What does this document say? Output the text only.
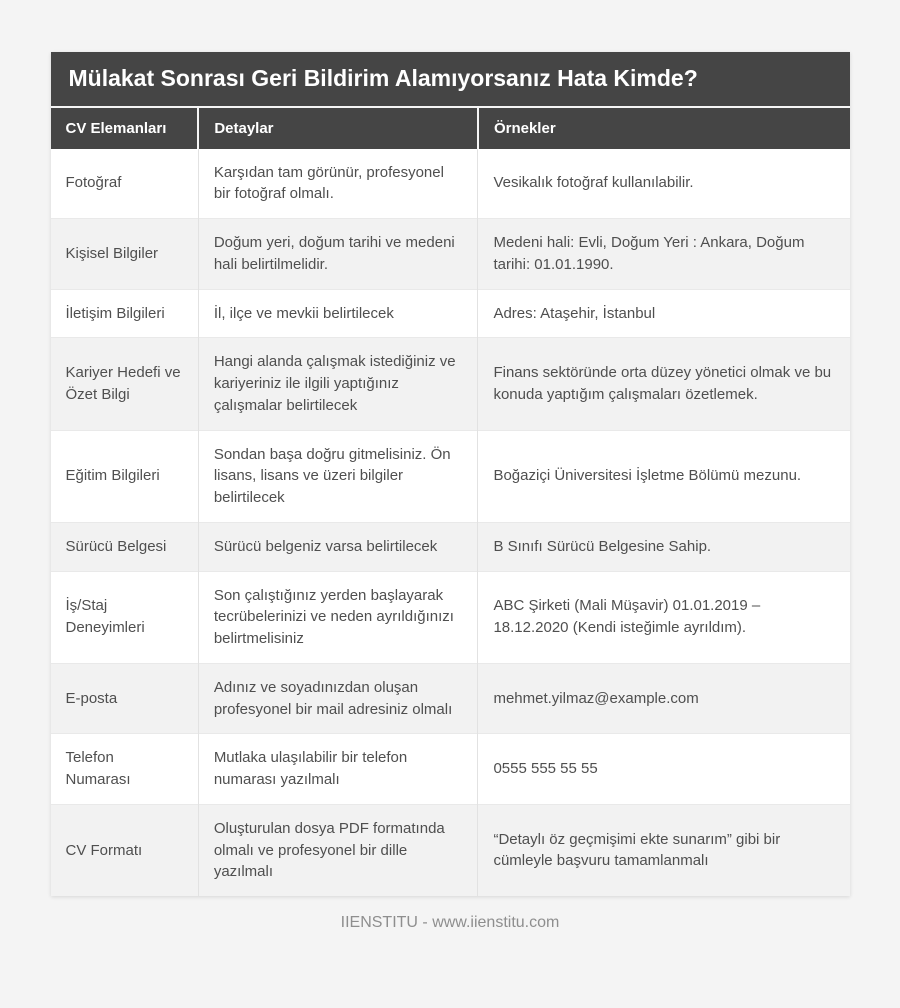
Mülakat Sonrası Geri Bildirim Alamıyorsanız Hata Kimde?
CV Elemanları	Detaylar	Örnekler
Fotoğraf	Karşıdan tam görünür, profesyonel bir fotoğraf olmalı.	Vesikalık fotoğraf kullanılabilir.
Kişisel Bilgiler	Doğum yeri, doğum tarihi ve medeni hali belirtilmelidir.	Medeni hali: Evli, Doğum Yeri : Ankara, Doğum tarihi: 01.01.1990.
İletişim Bilgileri	İl, ilçe ve mevkii belirtilecek	Adres: Ataşehir, İstanbul
Kariyer Hedefi ve Özet Bilgi	Hangi alanda çalışmak istediğiniz ve kariyeriniz ile ilgili yaptığınız çalışmalar belirtilecek	Finans sektöründe orta düzey yönetici olmak ve bu konuda yaptığım çalışmaları özetlemek.
Eğitim Bilgileri	Sondan başa doğru gitmelisiniz. Ön lisans, lisans ve üzeri bilgiler belirtilecek	Boğaziçi Üniversitesi İşletme Bölümü mezunu.
Sürücü Belgesi	Sürücü belgeniz varsa belirtilecek	B Sınıfı Sürücü Belgesine Sahip.
İş/Staj Deneyimleri	Son çalıştığınız yerden başlayarak tecrübelerinizi ve neden ayrıldığınızı belirtmelisiniz	ABC Şirketi (Mali Müşavir) 01.01.2019 – 18.12.2020 (Kendi isteğimle ayrıldım).
E-posta	Adınız ve soyadınızdan oluşan profesyonel bir mail adresiniz olmalı	mehmet.yilmaz@example.com
Telefon Numarası	Mutlaka ulaşılabilir bir telefon numarası yazılmalı	0555 555 55 55
CV Formatı	Oluşturulan dosya PDF formatında olmalı ve profesyonel bir dille yazılmalı	“Detaylı öz geçmişimi ekte sunarım” gibi bir cümleyle başvuru tamamlanmalı
IIENSTITU - www.iienstitu.com
